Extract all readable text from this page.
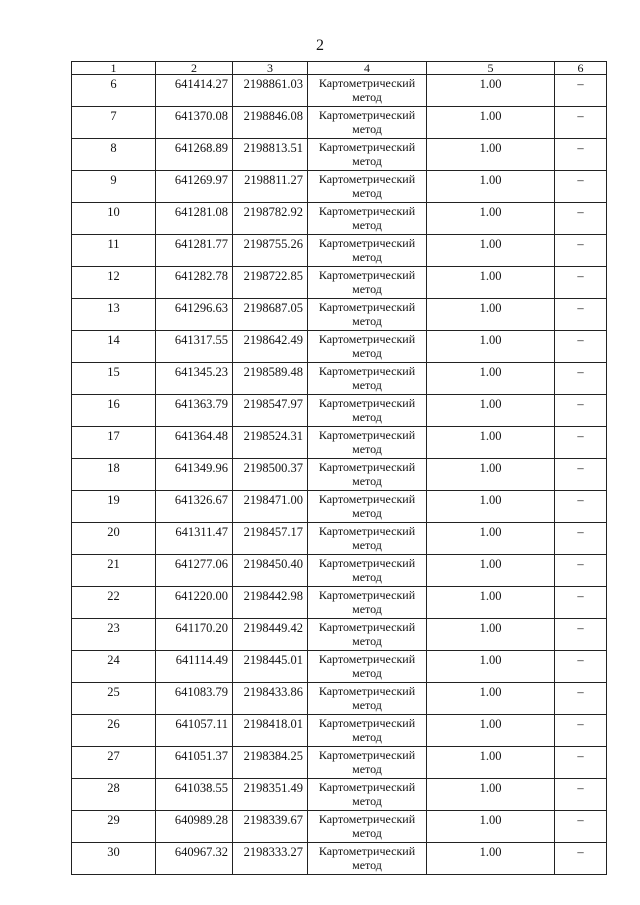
2
1	2	3	4	5	6
6	641414.27	2198861.03	Картометрический метод	1.00	–
7	641370.08	2198846.08	Картометрический метод	1.00	–
8	641268.89	2198813.51	Картометрический метод	1.00	–
9	641269.97	2198811.27	Картометрический метод	1.00	–
10	641281.08	2198782.92	Картометрический метод	1.00	–
11	641281.77	2198755.26	Картометрический метод	1.00	–
12	641282.78	2198722.85	Картометрический метод	1.00	–
13	641296.63	2198687.05	Картометрический метод	1.00	–
14	641317.55	2198642.49	Картометрический метод	1.00	–
15	641345.23	2198589.48	Картометрический метод	1.00	–
16	641363.79	2198547.97	Картометрический метод	1.00	–
17	641364.48	2198524.31	Картометрический метод	1.00	–
18	641349.96	2198500.37	Картометрический метод	1.00	–
19	641326.67	2198471.00	Картометрический метод	1.00	–
20	641311.47	2198457.17	Картометрический метод	1.00	–
21	641277.06	2198450.40	Картометрический метод	1.00	–
22	641220.00	2198442.98	Картометрический метод	1.00	–
23	641170.20	2198449.42	Картометрический метод	1.00	–
24	641114.49	2198445.01	Картометрический метод	1.00	–
25	641083.79	2198433.86	Картометрический метод	1.00	–
26	641057.11	2198418.01	Картометрический метод	1.00	–
27	641051.37	2198384.25	Картометрический метод	1.00	–
28	641038.55	2198351.49	Картометрический метод	1.00	–
29	640989.28	2198339.67	Картометрический метод	1.00	–
30	640967.32	2198333.27	Картометрический метод	1.00	–
